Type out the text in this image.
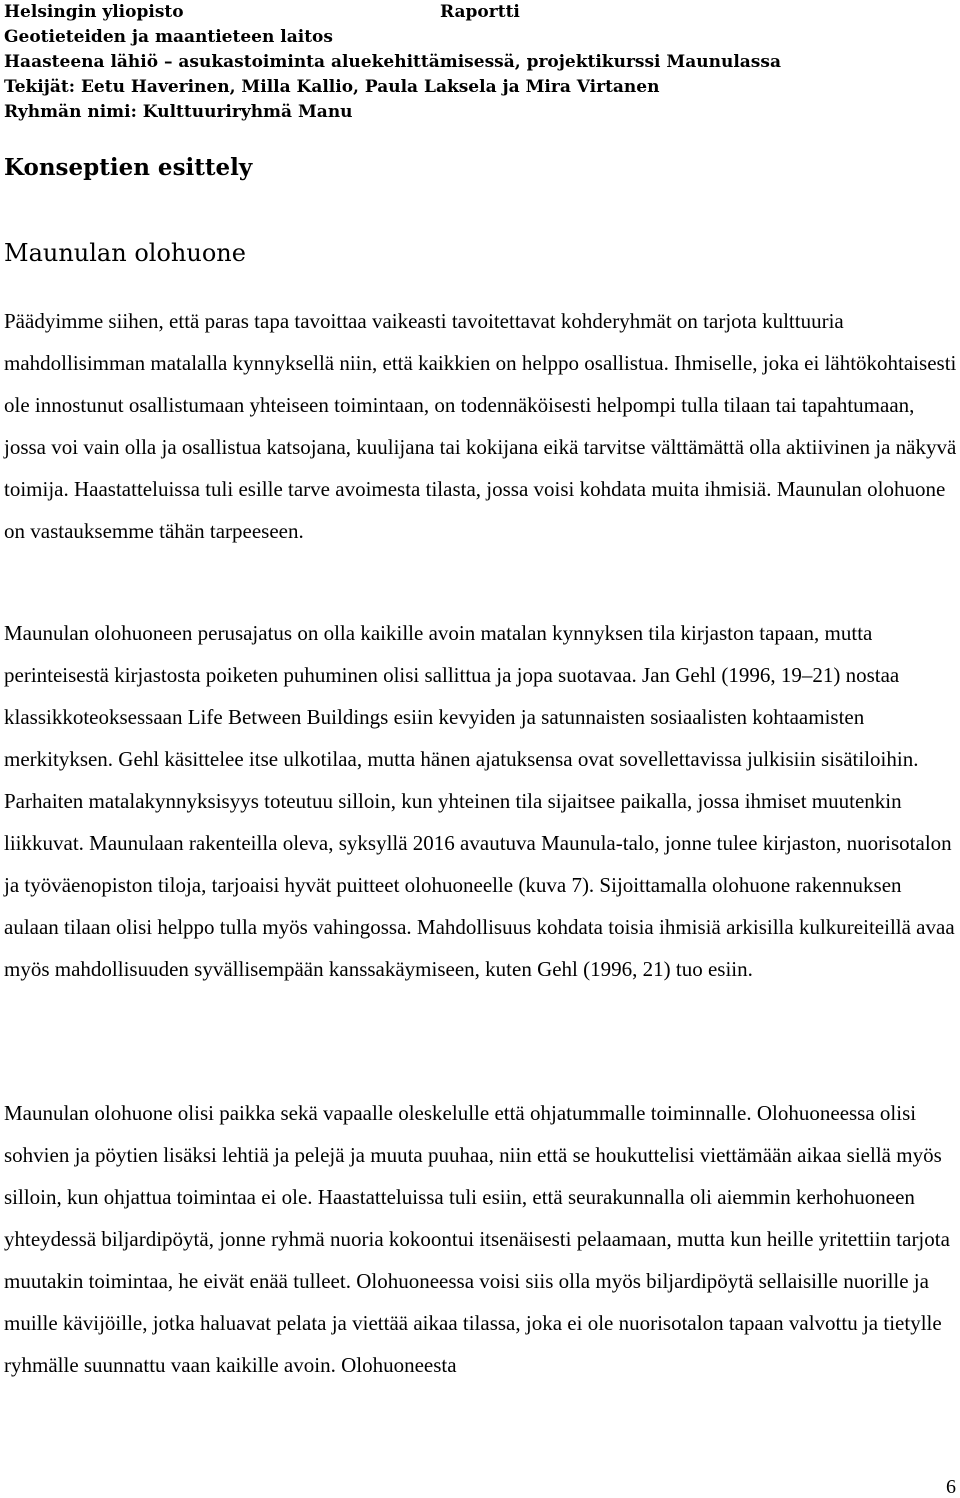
Helsingin yliopisto	Raportti
Geotieteiden ja maantieteen laitos
Haasteena lähiö – asukastoiminta aluekehittämisessä, projektikurssi Maunulassa
Tekijät: Eetu Haverinen, Milla Kallio, Paula Laksela ja Mira Virtanen
Ryhmän nimi: Kulttuuriryhmä Manu
Konseptien esittely
Maunulan olohuone

Päädyimme siihen, että paras tapa tavoittaa vaikeasti tavoitettavat kohderyhmät on tarjota kulttuuria mahdollisimman matalalla kynnyksellä niin, että kaikkien on helppo osallistua. Ihmiselle, joka ei lähtökohtaisesti ole innostunut osallistumaan yhteiseen toimintaan, on todennäköisesti helpompi tulla tilaan tai tapahtumaan, jossa voi vain olla ja osallistua katsojana, kuulijana tai kokijana eikä tarvitse välttämättä olla aktiivinen ja näkyvä toimija. Haastatteluissa tuli esille tarve avoimesta tilasta, jossa voisi kohdata muita ihmisiä. Maunulan olohuone on vastauksemme tähän tarpeeseen.

Maunulan olohuoneen perusajatus on olla kaikille avoin matalan kynnyksen tila kirjaston tapaan, mutta perinteisestä kirjastosta poiketen puhuminen olisi sallittua ja jopa suotavaa. Jan Gehl (1996, 19–21) nostaa klassikkoteoksessaan Life Between Buildings esiin kevyiden ja satunnaisten sosiaalisten kohtaamisten merkityksen. Gehl käsittelee itse ulkotilaa, mutta hänen ajatuksensa ovat sovellettavissa julkisiin sisätiloihin. Parhaiten matalakynnyksisyys toteutuu silloin, kun yhteinen tila sijaitsee paikalla, jossa ihmiset muutenkin liikkuvat. Maunulaan rakenteilla oleva, syksyllä 2016 avautuva Maunula-talo, jonne tulee kirjaston, nuorisotalon ja työväenopiston tiloja, tarjoaisi hyvät puitteet olohuoneelle (kuva 7). Sijoittamalla olohuone rakennuksen aulaan tilaan olisi helppo tulla myös vahingossa. Mahdollisuus kohdata toisia ihmisiä arkisilla kulkureiteillä avaa myös mahdollisuuden syvällisempään kanssakäymiseen, kuten Gehl (1996, 21) tuo esiin.

Maunulan olohuone olisi paikka sekä vapaalle oleskelulle että ohjatummalle toiminnalle. Olohuoneessa olisi sohvien ja pöytien lisäksi lehtiä ja pelejä ja muuta puuhaa, niin että se houkuttelisi viettämään aikaa siellä myös silloin, kun ohjattua toimintaa ei ole. Haastatteluissa tuli esiin, että seurakunnalla oli aiemmin kerhohuoneen yhteydessä biljardipöytä, jonne ryhmä nuoria kokoontui itsenäisesti pelaamaan, mutta kun heille yritettiin tarjota muutakin toimintaa, he eivät enää tulleet. Olohuoneessa voisi siis olla myös biljardipöytä sellaisille nuorille ja muille kävijöille, jotka haluavat pelata ja viettää aikaa tilassa, joka ei ole nuorisotalon tapaan valvottu ja tietylle ryhmälle suunnattu vaan kaikille avoin. Olohuoneesta

6
